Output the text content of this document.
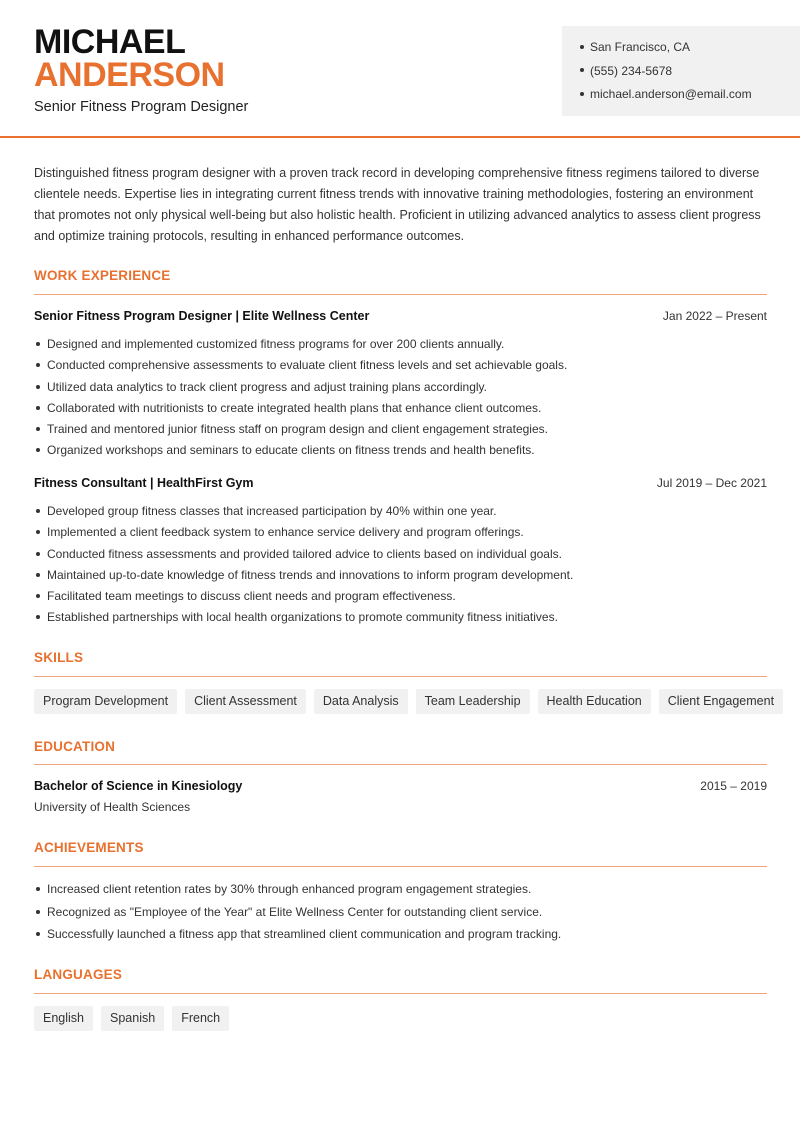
MICHAEL
ANDERSON
Senior Fitness Program Designer
San Francisco, CA
(555) 234-5678
michael.anderson@email.com

Distinguished fitness program designer with a proven track record in developing comprehensive fitness regimens tailored to diverse clientele needs. Expertise lies in integrating current fitness trends with innovative training methodologies, fostering an environment that promotes not only physical well-being but also holistic health. Proficient in utilizing advanced analytics to assess client progress and optimize training protocols, resulting in enhanced performance outcomes.

WORK EXPERIENCE
Senior Fitness Program Designer | Elite Wellness Center	Jan 2022 – Present
Designed and implemented customized fitness programs for over 200 clients annually.
Conducted comprehensive assessments to evaluate client fitness levels and set achievable goals.
Utilized data analytics to track client progress and adjust training plans accordingly.
Collaborated with nutritionists to create integrated health plans that enhance client outcomes.
Trained and mentored junior fitness staff on program design and client engagement strategies.
Organized workshops and seminars to educate clients on fitness trends and health benefits.
Fitness Consultant | HealthFirst Gym	Jul 2019 – Dec 2021
Developed group fitness classes that increased participation by 40% within one year.
Implemented a client feedback system to enhance service delivery and program offerings.
Conducted fitness assessments and provided tailored advice to clients based on individual goals.
Maintained up-to-date knowledge of fitness trends and innovations to inform program development.
Facilitated team meetings to discuss client needs and program effectiveness.
Established partnerships with local health organizations to promote community fitness initiatives.
SKILLS
Program Development	Client Assessment	Data Analysis	Team Leadership	Health Education	Client Engagement
EDUCATION
Bachelor of Science in Kinesiology	2015 – 2019
University of Health Sciences
ACHIEVEMENTS
Increased client retention rates by 30% through enhanced program engagement strategies.
Recognized as "Employee of the Year" at Elite Wellness Center for outstanding client service.
Successfully launched a fitness app that streamlined client communication and program tracking.
LANGUAGES
English	Spanish	French
